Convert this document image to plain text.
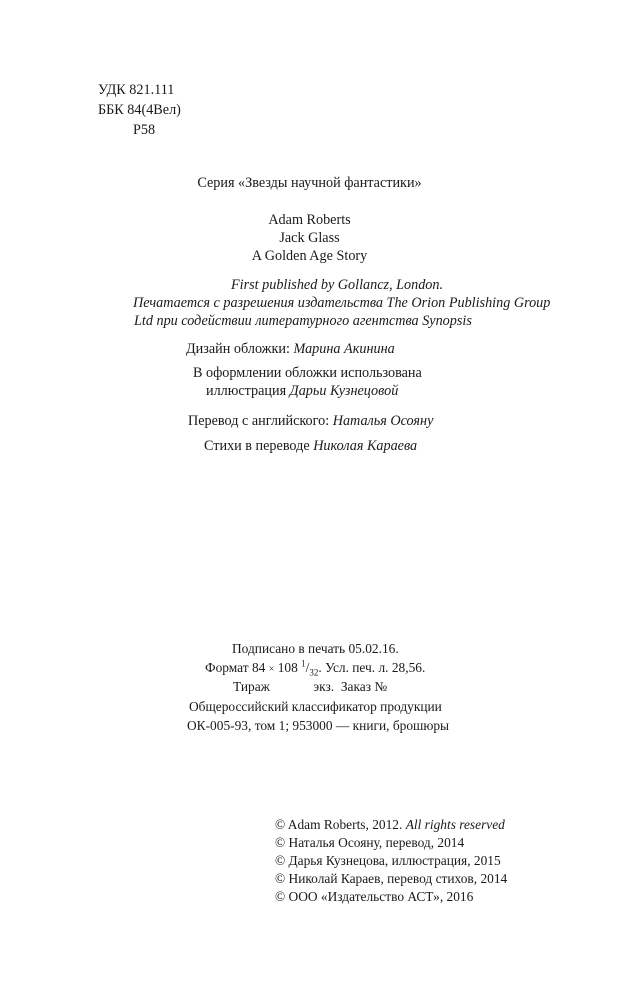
УДК 821.111
ББК 84(4Вел)
Р58
Серия «Звезды научной фантастики»
Adam Roberts
Jack Glass
A Golden Age Story
First published by Gollancz, London.
Печатается с разрешения издательства The Orion Publishing Group
Ltd при содействии литературного агентства Synopsis
Дизайн обложки: Марина Акинина
В оформлении обложки использована
иллюстрация Дарьи Кузнецовой
Перевод с английского: Наталья Осояну
Стихи в переводе Николая Караева
Подписано в печать 05.02.16.
Формат 84 × 108 $^1/_{32}$. Усл. печ. л. 28,56.
Тираж             экз.  Заказ №
Общероссийский классификатор продукции
ОК-005-93, том 1; 953000 — книги, брошюры
© Adam Roberts, 2012. All rights reserved
© Наталья Осояну, перевод, 2014
© Дарья Кузнецова, иллюстрация, 2015
© Николай Караев, перевод стихов, 2014
© ООО «Издательство АСТ», 2016
